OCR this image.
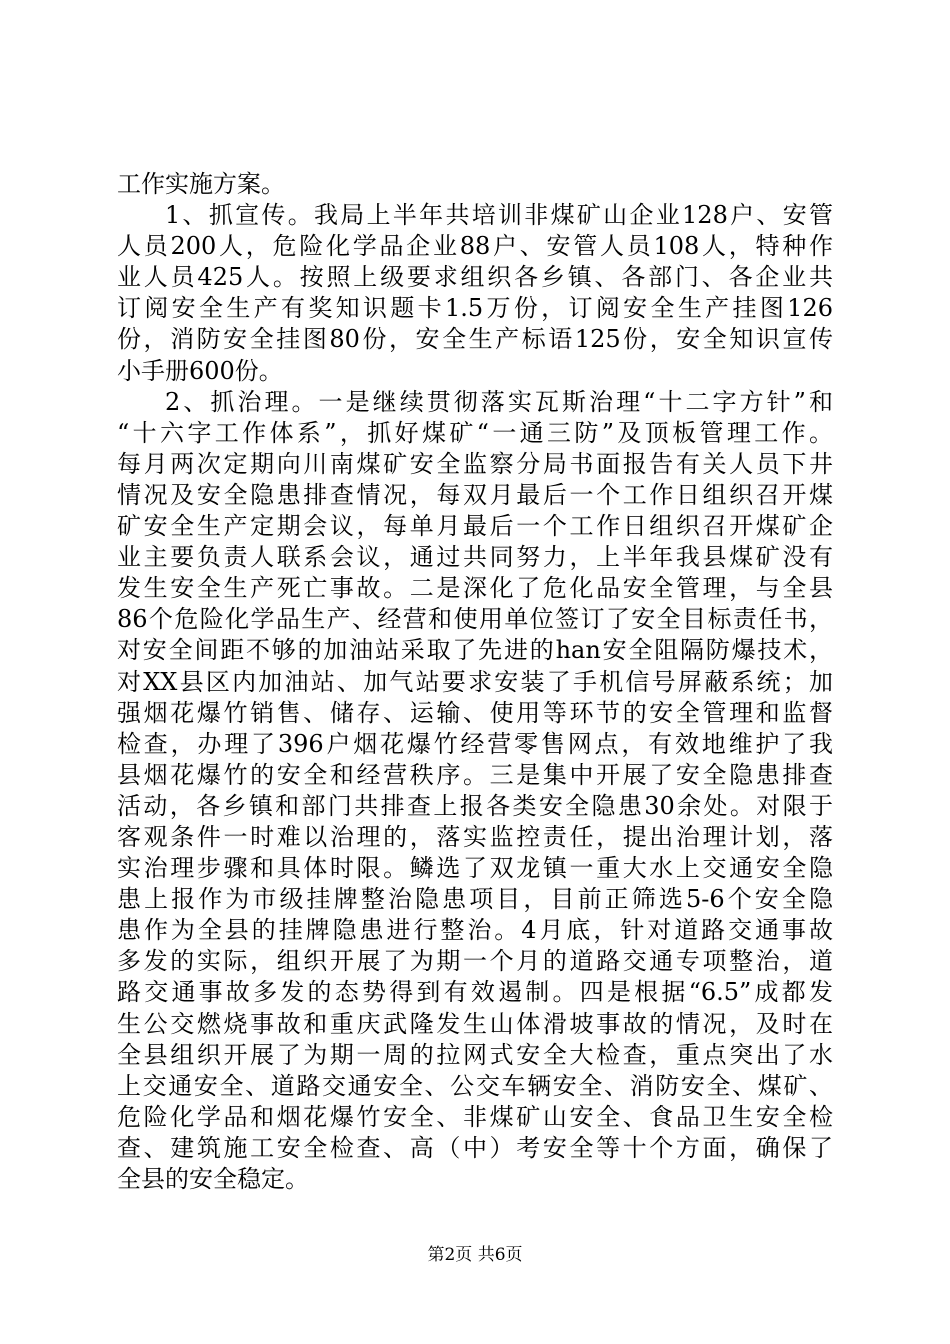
工作实施方案。
1、抓宣传。我局上半年共培训非煤矿山企业128户、安管
人员200人，危险化学品企业88户、安管人员108人，特种作
业人员425人。按照上级要求组织各乡镇、各部门、各企业共
订阅安全生产有奖知识题卡1.5万份，订阅安全生产挂图126
份，消防安全挂图80份，安全生产标语125份，安全知识宣传
小手册600份。
2、抓治理。一是继续贯彻落实瓦斯治理“十二字方针”和
“十六字工作体系”，抓好煤矿“一通三防”及顶板管理工作。
每月两次定期向川南煤矿安全监察分局书面报告有关人员下井
情况及安全隐患排查情况，每双月最后一个工作日组织召开煤
矿安全生产定期会议，每单月最后一个工作日组织召开煤矿企
业主要负责人联系会议，通过共同努力，上半年我县煤矿没有
发生安全生产死亡事故。二是深化了危化品安全管理，与全县
86个危险化学品生产、经营和使用单位签订了安全目标责任书，
对安全间距不够的加油站采取了先进的han安全阻隔防爆技术，
对XX县区内加油站、加气站要求安装了手机信号屏蔽系统；加
强烟花爆竹销售、储存、运输、使用等环节的安全管理和监督
检查，办理了396户烟花爆竹经营零售网点，有效地维护了我
县烟花爆竹的安全和经营秩序。三是集中开展了安全隐患排查
活动，各乡镇和部门共排查上报各类安全隐患30余处。对限于
客观条件一时难以治理的，落实监控责任，提出治理计划，落
实治理步骤和具体时限。鳞选了双龙镇一重大水上交通安全隐
患上报作为市级挂牌整治隐患项目，目前正筛选5-6个安全隐
患作为全县的挂牌隐患进行整治。4月底，针对道路交通事故
多发的实际，组织开展了为期一个月的道路交通专项整治，道
路交通事故多发的态势得到有效遏制。四是根据“6.5”成都发
生公交燃烧事故和重庆武隆发生山体滑坡事故的情况，及时在
全县组织开展了为期一周的拉网式安全大检查，重点突出了水
上交通安全、道路交通安全、公交车辆安全、消防安全、煤矿、
危险化学品和烟花爆竹安全、非煤矿山安全、食品卫生安全检
查、建筑施工安全检查、高（中）考安全等十个方面，确保了
全县的安全稳定。
第2页 共6页
